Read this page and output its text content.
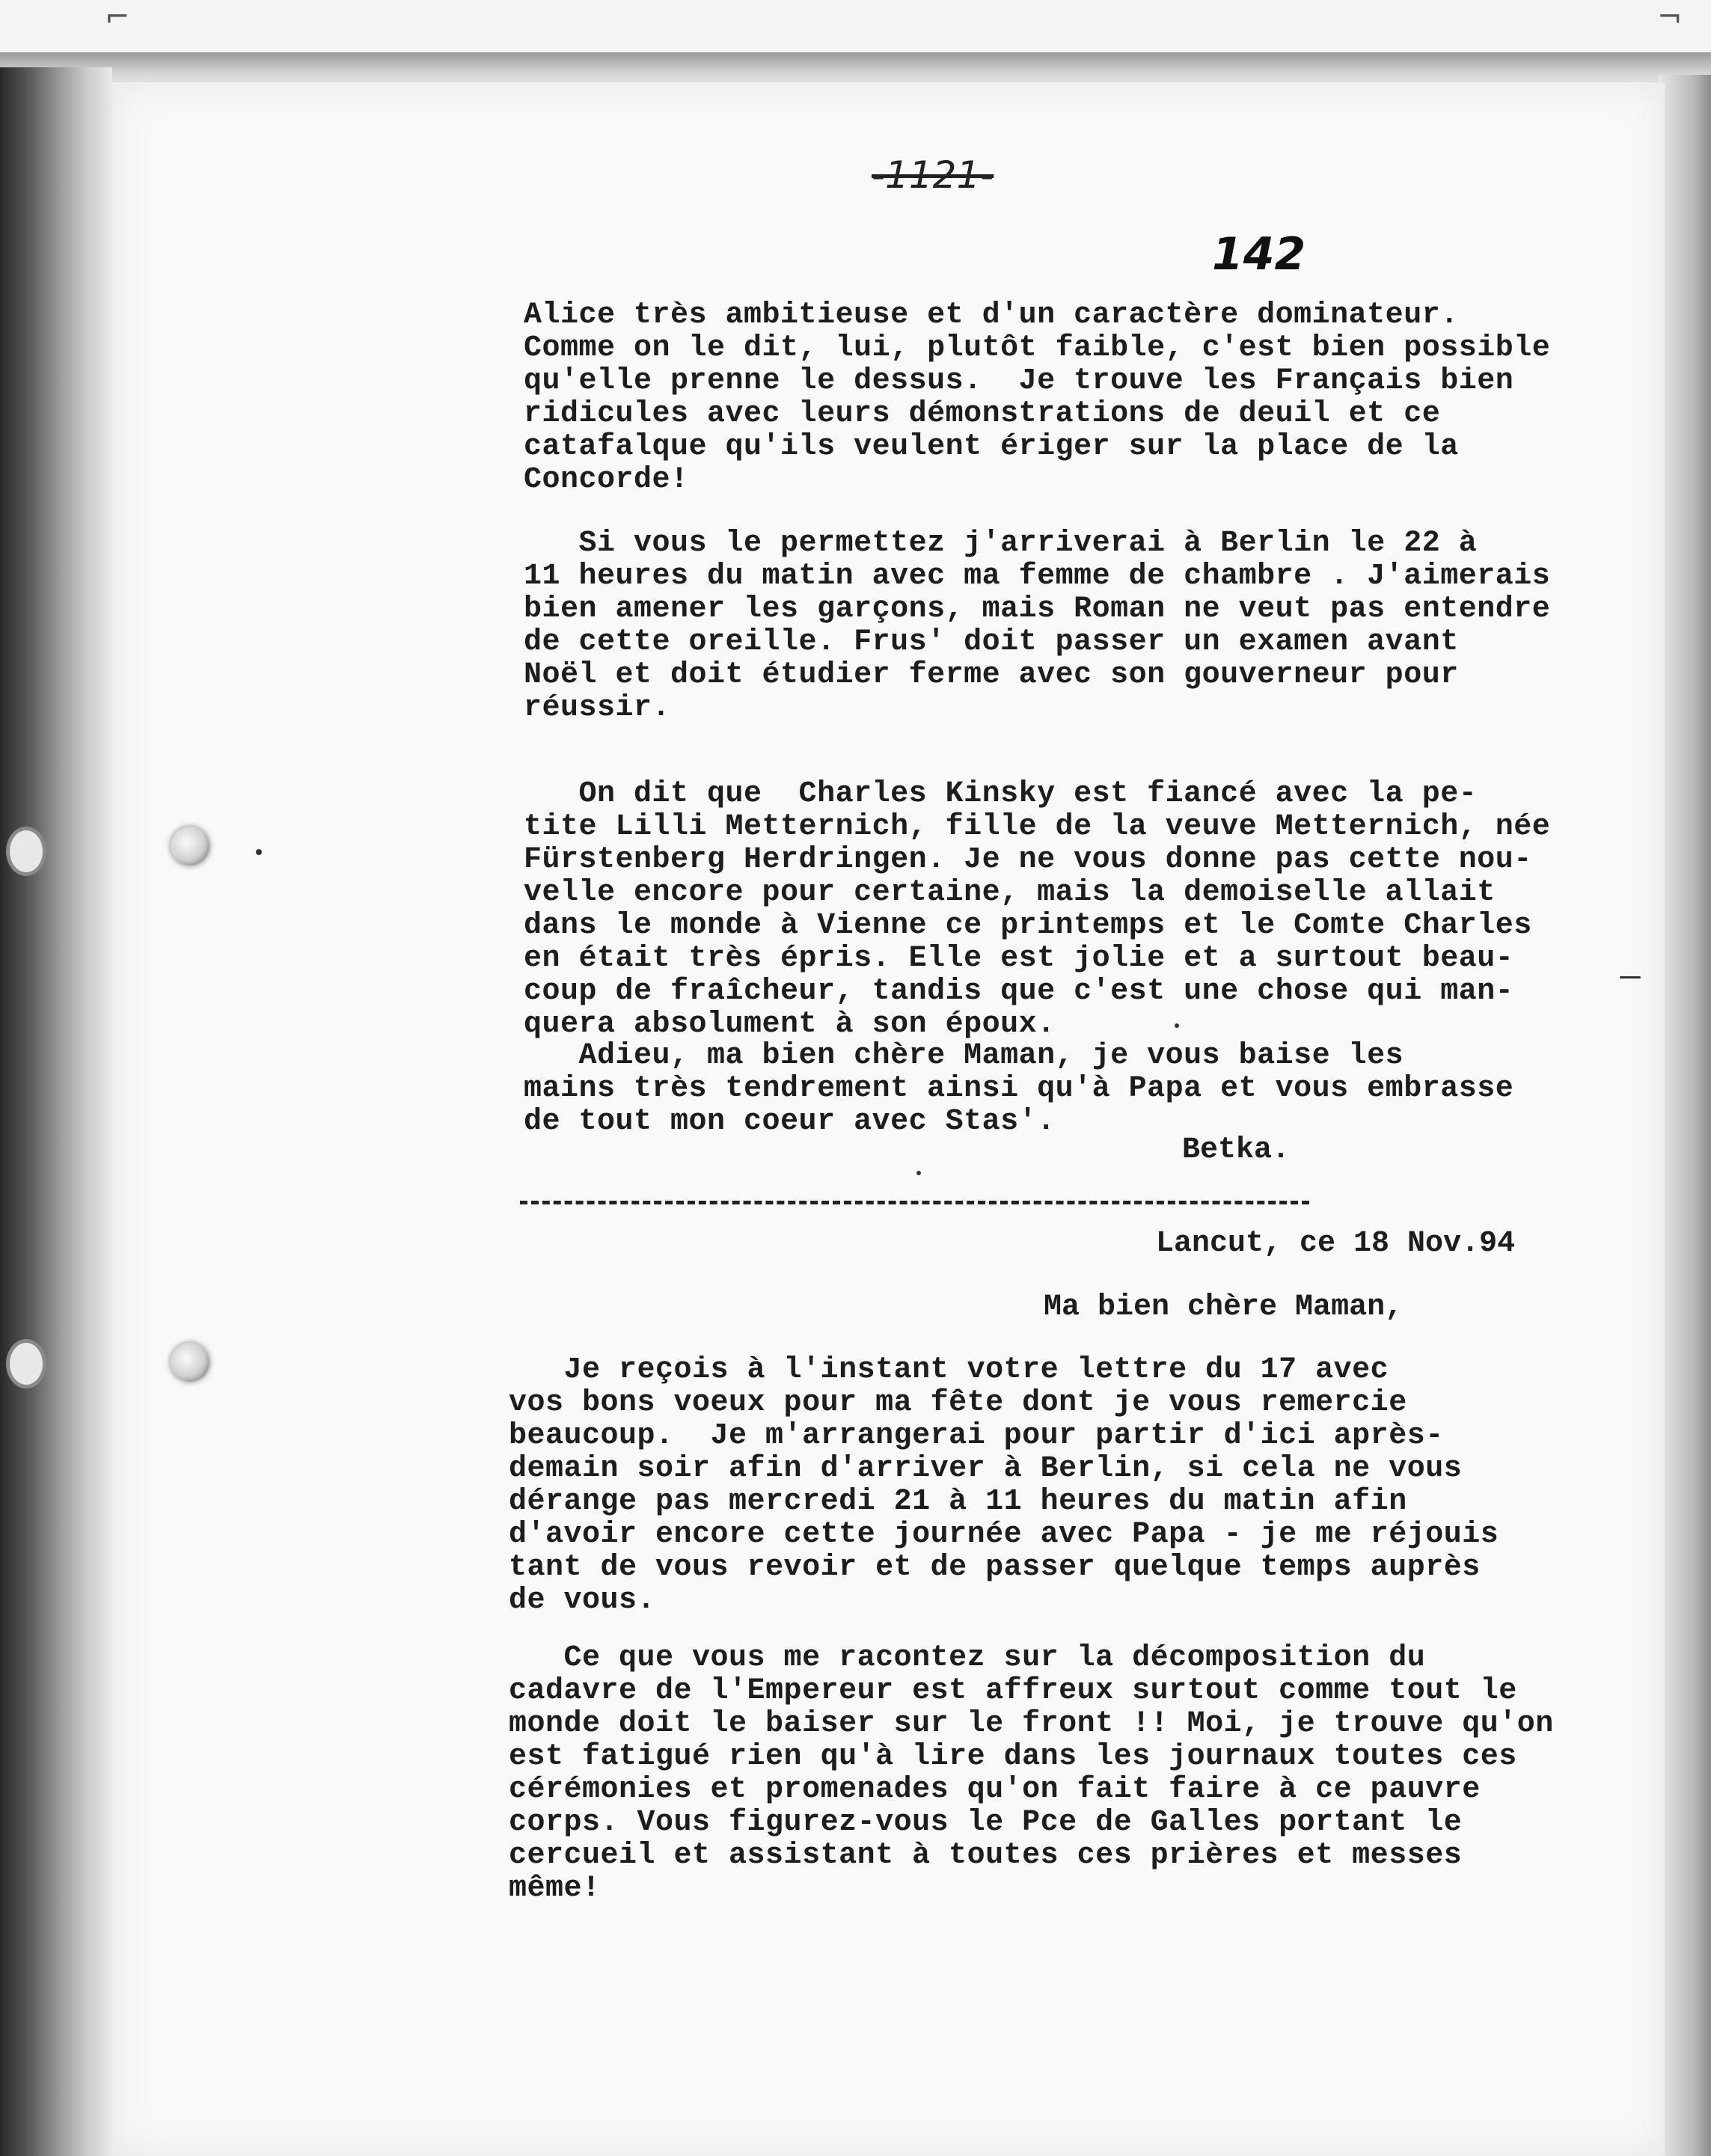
⌐	¬

-1121-
142
Alice très ambitieuse et d'un caractère dominateur.
Comme on le dit, lui, plutôt faible, c'est bien possible
qu'elle prenne le dessus.  Je trouve les Français bien
ridicules avec leurs démonstrations de deuil et ce
catafalque qu'ils veulent ériger sur la place de la
Concorde!
Si vous le permettez j'arriverai à Berlin le 22 à
11 heures du matin avec ma femme de chambre . J'aimerais
bien amener les garçons, mais Roman ne veut pas entendre
de cette oreille. Frus' doit passer un examen avant
Noël et doit étudier ferme avec son gouverneur pour
réussir.
On dit que  Charles Kinsky est fiancé avec la pe-
tite Lilli Metternich, fille de la veuve Metternich, née
Fürstenberg Herdringen. Je ne vous donne pas cette nou-
velle encore pour certaine, mais la demoiselle allait
dans le monde à Vienne ce printemps et le Comte Charles
en était très épris. Elle est jolie et a surtout beau-
coup de fraîcheur, tandis que c'est une chose qui man-
quera absolument à son époux.
Adieu, ma bien chère Maman, je vous baise les
mains très tendrement ainsi qu'à Papa et vous embrasse
de tout mon coeur avec Stas'.
Betka.
Lancut, ce 18 Nov.94
Ma bien chère Maman,
Je reçois à l'instant votre lettre du 17 avec
vos bons voeux pour ma fête dont je vous remercie
beaucoup.  Je m'arrangerai pour partir d'ici après-
demain soir afin d'arriver à Berlin, si cela ne vous
dérange pas mercredi 21 à 11 heures du matin afin
d'avoir encore cette journée avec Papa - je me réjouis
tant de vous revoir et de passer quelque temps auprès
de vous.
Ce que vous me racontez sur la décomposition du
cadavre de l'Empereur est affreux surtout comme tout le
monde doit le baiser sur le front !! Moi, je trouve qu'on
est fatigué rien qu'à lire dans les journaux toutes ces
cérémonies et promenades qu'on fait faire à ce pauvre
corps. Vous figurez-vous le Pce de Galles portant le
cercueil et assistant à toutes ces prières et messes
même!
